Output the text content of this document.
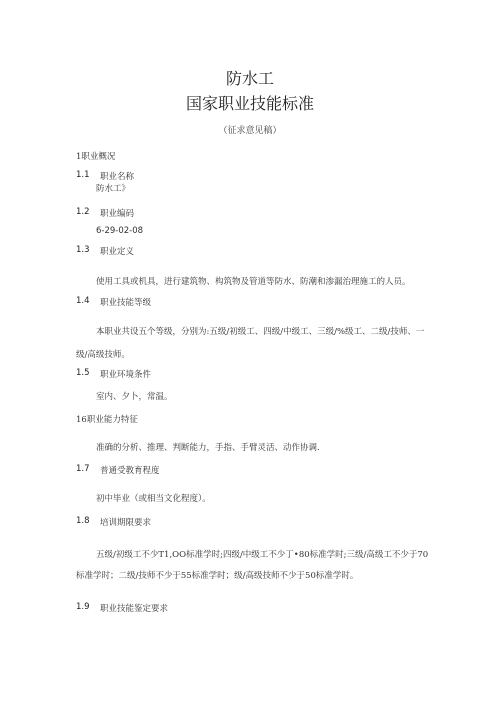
防水工
国家职业技能标准
（征求意见稿）
1职业概况
1.1 职业名称
防水工》
1.2 职业编码
6-29-02-08
1.3 职业定义
使用工具或机具，进行建筑物、构筑物及管道等防水、防潮和渗漏治理施工的人员。
1.4 职业技能等级
本职业共设五个等级，分别为:五级/初级工、四级/中级工、三级/%级工、二级/技师、一
级/高级技师。
1.5 职业环境条件
室内、夕卜，常温。
16职业能力特征
准确的分析、推理、判断能力，手指、手臂灵活、动作协调.
1.7 普通受教育程度
初中毕业（或相当文化程度）。
1.8 培训期限要求
五级/初级工不少T1,OO标准学时;四级/中级工不少丁•80标准学时;三级/高级工不少于70
标准学时；二级/技师不少于55标准学时；级/高级技师不少于50标准学时。
1.9 职业技能鉴定要求
